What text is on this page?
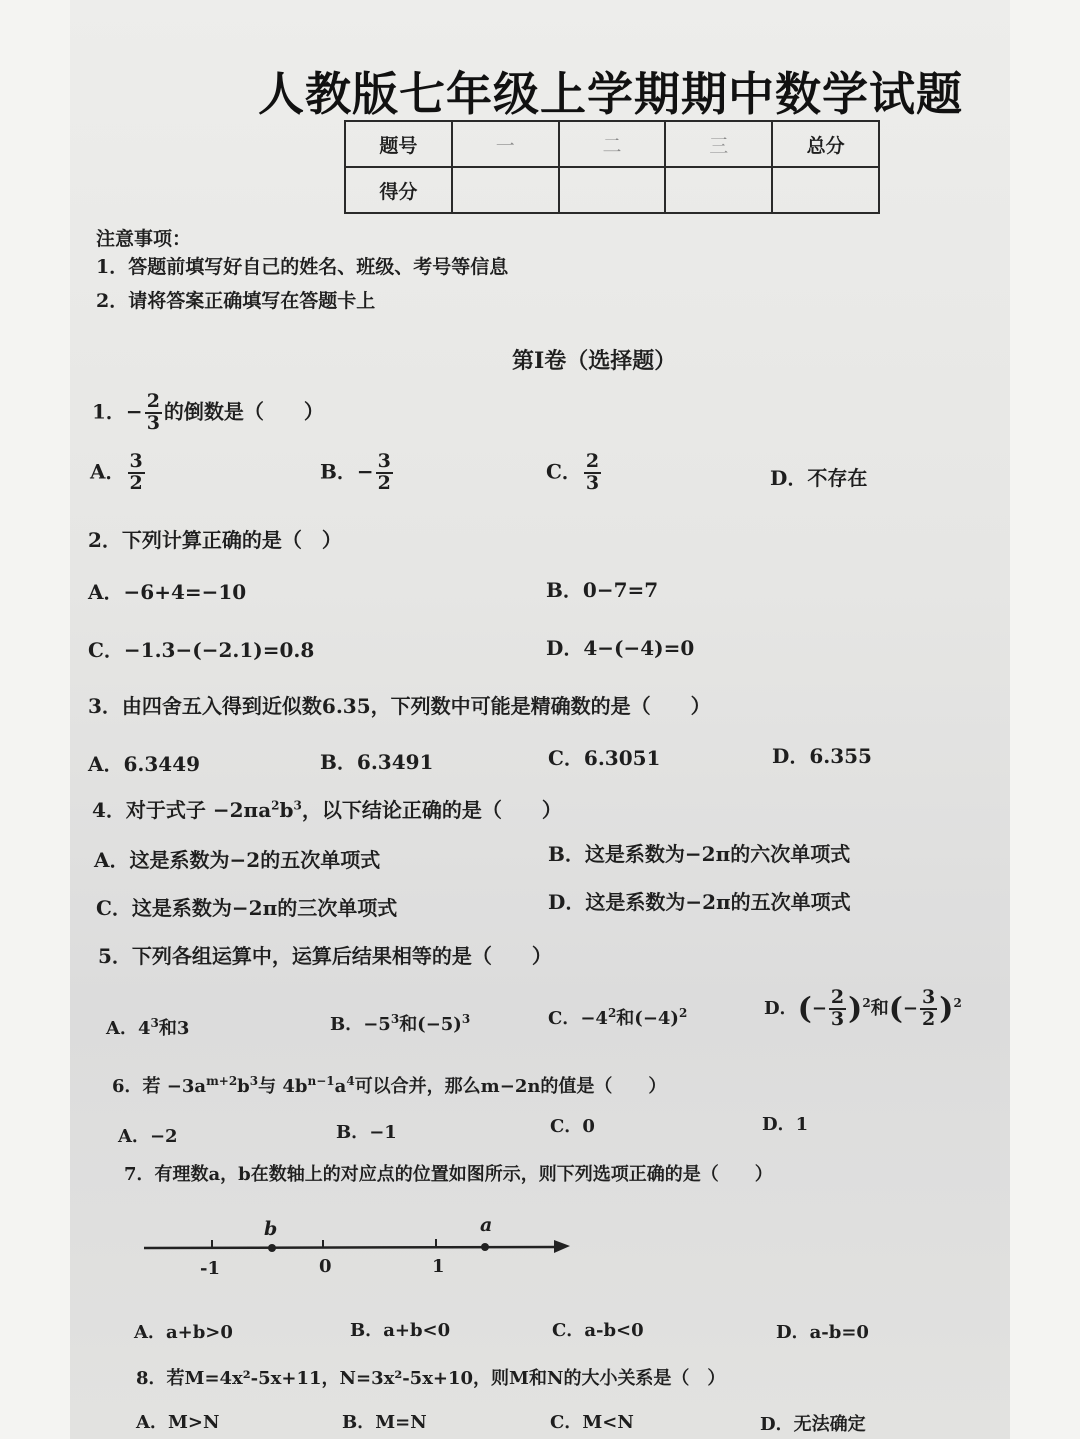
人教版七年级上学期期中数学试题
题号	一	二	三	总分
得分				
注意事项：
1．答题前填写好自己的姓名、班级、考号等信息
2．请将答案正确填写在答题卡上
第I卷（选择题）
1．− $\frac{2}{3}$ 的倒数是（　　）
A． $\frac{3}{2}$	B．− $\frac{3}{2}$	C． $\frac{2}{3}$	D．不存在
2．下列计算正确的是（　）
A．−6+4=−10	B．0−7=7
C．−1.3−(−2.1)=0.8	D．4−(−4)=0
3．由四舍五入得到近似数6.35，下列数中可能是精确数的是（　　）
A．6.3449	B．6.3491	C．6.3051	D．6.355
4．对于式子 $-2\pi a^2b^3$，以下结论正确的是（　　）
A．这是系数为−2的五次单项式	B．这是系数为−2π的六次单项式
C．这是系数为−2π的三次单项式	D．这是系数为−2π的五次单项式
5．下列各组运算中，运算后结果相等的是（　　）
A．$4^3$和3	B．$-5^3$和$(-5)^3$	C．$-4^2$和$(-4)^2$	D．(− $\frac{2}{3} )^2$和(− $\frac{3}{2} )^2$
6．若 $-3a^{m+2}b^3$与 $4b^{n-1}a^4$可以合并，那么m−2n的值是（　　）
A．−2	B．−1	C．0	D．1
7．有理数a，b在数轴上的对应点的位置如图所示，则下列选项正确的是（　　）
b	a
-1	0	1
A．a+b>0	B．a+b<0	C．a-b<0	D．a-b=0
8．若M=4x²-5x+11，N=3x²-5x+10，则M和N的大小关系是（　）
A．M>N	B．M=N	C．M<N	D．无法确定
